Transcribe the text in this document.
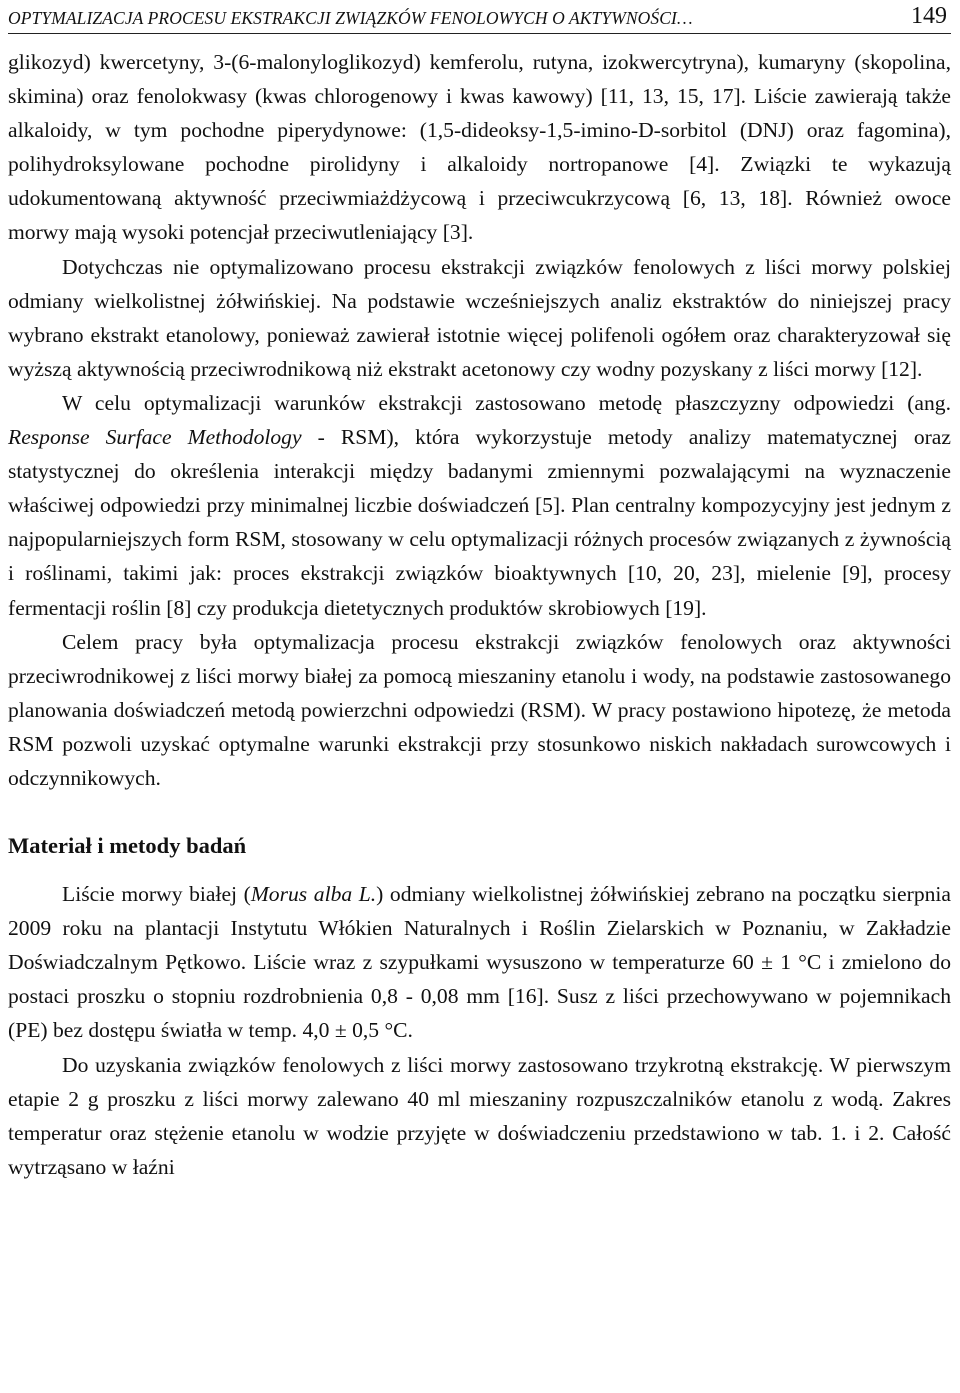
OPTYMALIZACJA PROCESU EKSTRAKCJI ZWIĄZKÓW FENOLOWYCH O AKTYWNOŚCI…	149

glikozyd) kwercetyny, 3-(6-malonyloglikozyd) kemferolu, rutyna, izokwercytryna), kumaryny (skopolina, skimina) oraz fenolokwasy (kwas chlorogenowy i kwas kawowy) [11, 13, 15, 17]. Liście zawierają także alkaloidy, w tym pochodne piperydynowe: (1,5-dideoksy-1,5-imino-D-sorbitol (DNJ) oraz fagomina), polihydroksylowane pochodne pirolidyny i alkaloidy nortropanowe [4]. Związki te wykazują udokumentowaną aktywność przeciwmiażdżycową i przeciwcukrzycową [6, 13, 18]. Również owoce morwy mają wysoki potencjał przeciwutleniający [3].

Dotychczas nie optymalizowano procesu ekstrakcji związków fenolowych z liści morwy polskiej odmiany wielkolistnej żółwińskiej. Na podstawie wcześniejszych analiz ekstraktów do niniejszej pracy wybrano ekstrakt etanolowy, ponieważ zawierał istotnie więcej polifenoli ogółem oraz charakteryzował się wyższą aktywnością przeciwrodnikową niż ekstrakt acetonowy czy wodny pozyskany z liści morwy [12].

W celu optymalizacji warunków ekstrakcji zastosowano metodę płaszczyzny odpowiedzi (ang. Response Surface Methodology - RSM), która wykorzystuje metody analizy matematycznej oraz statystycznej do określenia interakcji między badanymi zmiennymi pozwalającymi na wyznaczenie właściwej odpowiedzi przy minimalnej liczbie doświadczeń [5]. Plan centralny kompozycyjny jest jednym z najpopularniejszych form RSM, stosowany w celu optymalizacji różnych procesów związanych z żywnością i roślinami, takimi jak: proces ekstrakcji związków bioaktywnych [10, 20, 23], mielenie [9], procesy fermentacji roślin [8] czy produkcja dietetycznych produktów skrobiowych [19].

Celem pracy była optymalizacja procesu ekstrakcji związków fenolowych oraz aktywności przeciwrodnikowej z liści morwy białej za pomocą mieszaniny etanolu i wody, na podstawie zastosowanego planowania doświadczeń metodą powierzchni odpowiedzi (RSM). W pracy postawiono hipotezę, że metoda RSM pozwoli uzyskać optymalne warunki ekstrakcji przy stosunkowo niskich nakładach surowcowych i odczynnikowych.

Materiał i metody badań

Liście morwy białej (Morus alba L.) odmiany wielkolistnej żółwińskiej zebrano na początku sierpnia 2009 roku na plantacji Instytutu Włókien Naturalnych i Roślin Zielarskich w Poznaniu, w Zakładzie Doświadczalnym Pętkowo. Liście wraz z szypułkami wysuszono w temperaturze 60 ± 1 °C i zmielono do postaci proszku o stopniu rozdrobnienia 0,8 - 0,08 mm [16]. Susz z liści przechowywano w pojemnikach (PE) bez dostępu światła w temp. 4,0 ± 0,5 °C.

Do uzyskania związków fenolowych z liści morwy zastosowano trzykrotną ekstrakcję. W pierwszym etapie 2 g proszku z liści morwy zalewano 40 ml mieszaniny rozpuszczalników etanolu z wodą. Zakres temperatur oraz stężenie etanolu w wodzie przyjęte w doświadczeniu przedstawiono w tab. 1. i 2. Całość wytrząsano w łaźni
